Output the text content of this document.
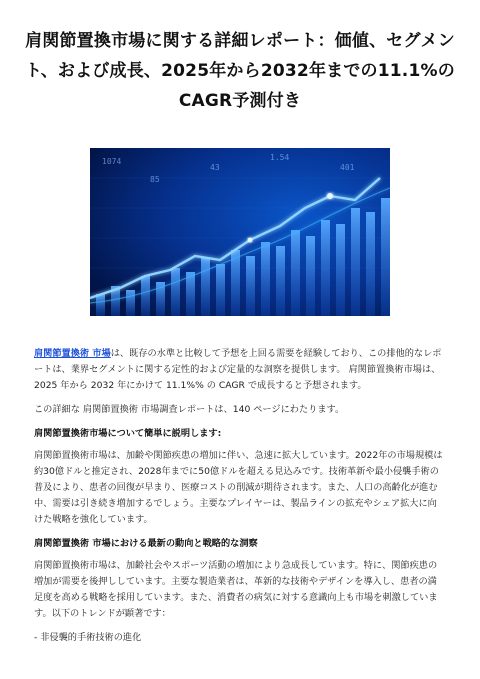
肩関節置換市場に関する詳細レポート：価値、セグメント、および成長、2025年から2032年までの11.1%のCAGR予測付き
1074	1.54
401
85
43

肩関節置換術 市場は、既存の水準と比較して予想を上回る需要を経験しており、この排他的なレポートは、業界セグメントに関する定性的および定量的な洞察を提供します。 肩関節置換術市場は、2025 年から 2032 年にかけて 11.1%% の CAGR で成長すると予想されます。

この詳細な 肩関節置換術 市場調査レポートは、140 ページにわたります。

肩関節置換術市場について簡単に説明します:

肩関節置換術市場は、加齢や関節疾患の増加に伴い、急速に拡大しています。2022年の市場規模は約30億ドルと推定され、2028年までに50億ドルを超える見込みです。技術革新や最小侵襲手術の普及により、患者の回復が早まり、医療コストの削減が期待されます。また、人口の高齢化が進む中、需要は引き続き増加するでしょう。主要なプレイヤーは、製品ラインの拡充やシェア拡大に向けた戦略を強化しています。

肩関節置換術 市場における最新の動向と戦略的な洞察

肩関節置換術市場は、加齢社会やスポーツ活動の増加により急成長しています。特に、関節疾患の増加が需要を後押ししています。主要な製造業者は、革新的な技術やデザインを導入し、患者の満足度を高める戦略を採用しています。また、消費者の病気に対する意識向上も市場を刺激しています。以下のトレンドが顕著です：

- 非侵襲的手術技術の進化
